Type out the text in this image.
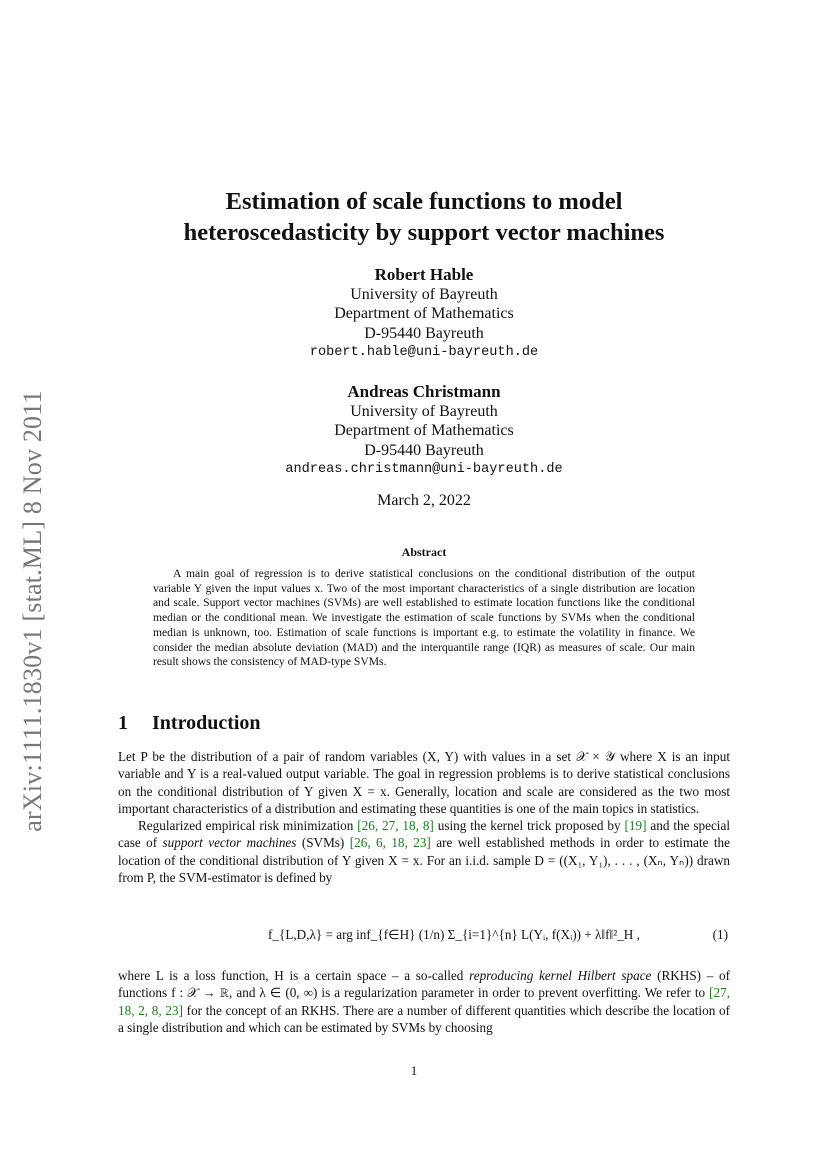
arXiv:1111.1830v1 [stat.ML] 8 Nov 2011
Estimation of scale functions to model
heteroscedasticity by support vector machines
Robert Hable
University of Bayreuth
Department of Mathematics
D-95440 Bayreuth
robert.hable@uni-bayreuth.de
Andreas Christmann
University of Bayreuth
Department of Mathematics
D-95440 Bayreuth
andreas.christmann@uni-bayreuth.de
March 2, 2022
Abstract
A main goal of regression is to derive statistical conclusions on the conditional distribution of the output variable Y given the input values x. Two of the most important characteristics of a single distribution are location and scale. Support vector machines (SVMs) are well established to estimate location functions like the conditional median or the conditional mean. We investigate the estimation of scale functions by SVMs when the conditional median is unknown, too. Estimation of scale functions is important e.g. to estimate the volatility in finance. We consider the median absolute deviation (MAD) and the interquantile range (IQR) as measures of scale. Our main result shows the consistency of MAD-type SVMs.
1 Introduction

Let P be the distribution of a pair of random variables (X, Y) with values in a set 𝒳 × 𝒴 where X is an input variable and Y is a real-valued output variable. The goal in regression problems is to derive statistical conclusions on the conditional distribution of Y given X = x. Generally, location and scale are considered as the two most important characteristics of a distribution and estimating these quantities is one of the main topics in statistics.

Regularized empirical risk minimization [26, 27, 18, 8] using the kernel trick proposed by [19] and the special case of support vector machines (SVMs) [26, 6, 18, 23] are well established methods in order to estimate the location of the conditional distribution of Y given X = x. For an i.i.d. sample D = ((X₁, Y₁), . . . , (Xₙ, Yₙ)) drawn from P, the SVM-estimator is defined by

f_{L,D,λ} = arg inf_{f∈H} (1/n) Σ_{i=1}^{n} L(Yᵢ, f(Xᵢ)) + λ‖f‖²_H ,	(1)

where L is a loss function, H is a certain space – a so-called reproducing kernel Hilbert space (RKHS) – of functions f : 𝒳 → ℝ, and λ ∈ (0, ∞) is a regularization parameter in order to prevent overfitting. We refer to [27, 18, 2, 8, 23] for the concept of an RKHS. There are a number of different quantities which describe the location of a single distribution and which can be estimated by SVMs by choosing

1
